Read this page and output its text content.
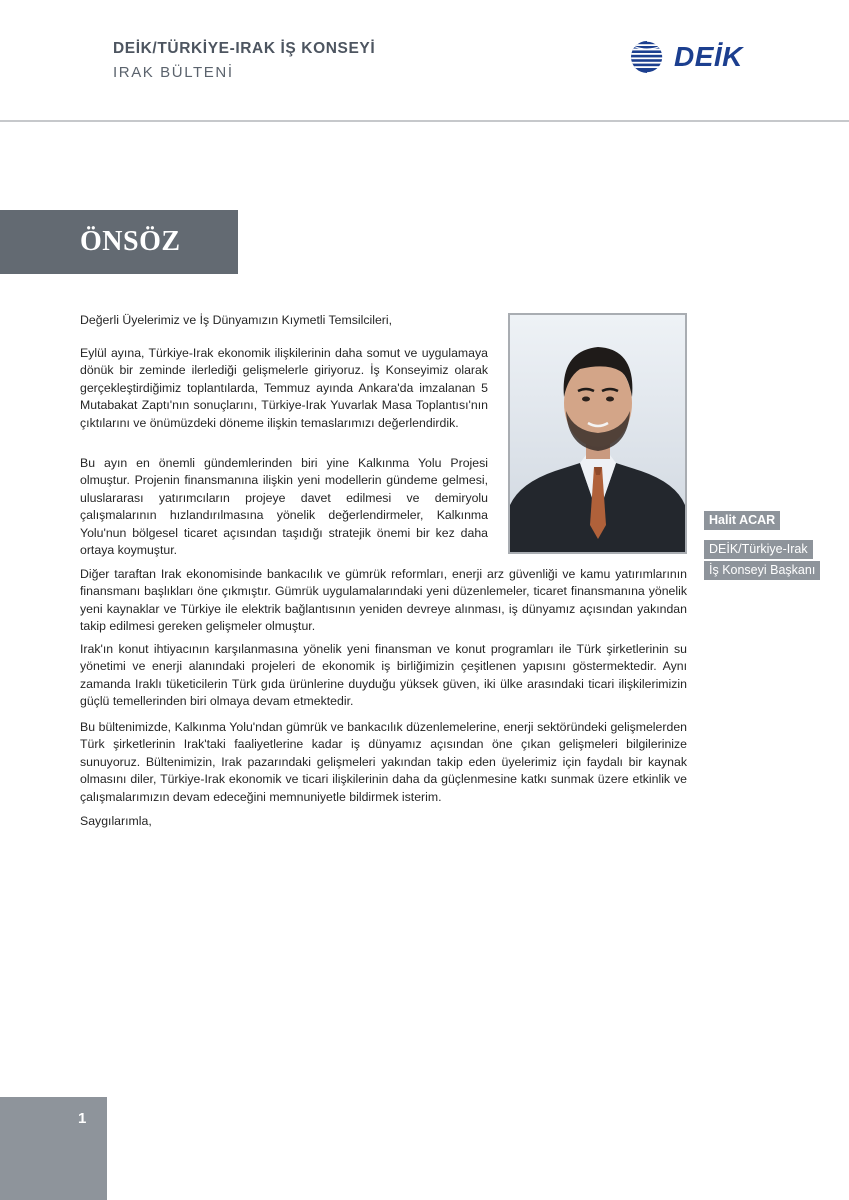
DEİK/TÜRKİYE-IRAK İŞ KONSEYİ
IRAK BÜLTENİ
DEİK
ÖNSÖZ

Değerli Üyelerimiz ve İş Dünyamızın Kıymetli Temsilcileri,

Eylül ayına, Türkiye-Irak ekonomik ilişkilerinin daha somut ve uygulamaya dönük bir zeminde ilerlediği gelişmelerle giriyoruz. İş Konseyimiz olarak gerçekleştirdiğimiz toplantılarda, Temmuz ayında Ankara'da imzalanan 5 Mutabakat Zaptı'nın sonuçlarını, Türkiye-Irak Yuvarlak Masa Toplantısı'nın çıktılarını ve önümüzdeki döneme ilişkin temaslarımızı değerlendirdik.

Bu ayın en önemli gündemlerinden biri yine Kalkınma Yolu Projesi olmuştur. Projenin finansmanına ilişkin yeni modellerin gündeme gelmesi, uluslararası yatırımcıların projeye davet edilmesi ve demiryolu çalışmalarının hızlandırılmasına yönelik değerlendirmeler, Kalkınma Yolu'nun bölgesel ticaret açısından taşıdığı stratejik önemi bir kez daha ortaya koymuştur.

Diğer taraftan Irak ekonomisinde bankacılık ve gümrük reformları, enerji arz güvenliği ve kamu yatırımlarının finansmanı başlıkları öne çıkmıştır. Gümrük uygulamalarındaki yeni düzenlemeler, ticaret finansmanına yönelik yeni kaynaklar ve Türkiye ile elektrik bağlantısının yeniden devreye alınması, iş dünyamız açısından yakından takip edilmesi gereken gelişmeler olmuştur.

Irak'ın konut ihtiyacının karşılanmasına yönelik yeni finansman ve konut programları ile Türk şirketlerinin su yönetimi ve enerji alanındaki projeleri de ekonomik iş birliğimizin çeşitlenen yapısını göstermektedir. Aynı zamanda Iraklı tüketicilerin Türk gıda ürünlerine duyduğu yüksek güven, iki ülke arasındaki ticari ilişkilerimizin güçlü temellerinden biri olmaya devam etmektedir.

Bu bültenimizde, Kalkınma Yolu'ndan gümrük ve bankacılık düzenlemelerine, enerji sektöründeki gelişmelerden Türk şirketlerinin Irak'taki faaliyetlerine kadar iş dünyamız açısından öne çıkan gelişmeleri bilgilerinize sunuyoruz. Bültenimizin, Irak pazarındaki gelişmeleri yakından takip eden üyelerimiz için faydalı bir kaynak olmasını diler, Türkiye-Irak ekonomik ve ticari ilişkilerinin daha da güçlenmesine katkı sunmak üzere etkinlik ve çalışmalarımızın devam edeceğini memnuniyetle bildirmek isterim.

Saygılarımla,

Halit ACAR
DEİK/Türkiye-Irak
İş Konseyi Başkanı
1
